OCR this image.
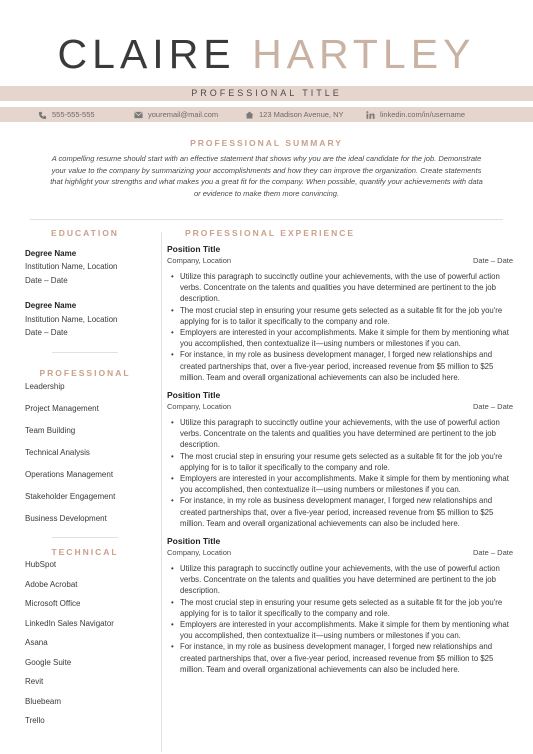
CLAIRE HARTLEY
PROFESSIONAL TITLE
555-555-555	youremail@mail.com	123 Madison Avenue, NY	linkedin.com/in/username
PROFESSIONAL SUMMARY
A compelling resume should start with an effective statement that shows why you are the ideal candidate for the job. Demonstrate your value to the company by summarizing your accomplishments and how they can improve the organization. Create statements that highlight your strengths and what makes you a great fit for the company. When possible, quantify your achievements with data or evidence to make them more convincing.
EDUCATION
Degree Name
Institution Name, Location
Date – Date
Degree Name
Institution Name, Location
Date – Date
PROFESSIONAL
Leadership
Project Management
Team Building
Technical Analysis
Operations Management
Stakeholder Engagement
Business Development
TECHNICAL
HubSpot
Adobe Acrobat
Microsoft Office
LinkedIn Sales Navigator
Asana
Google Suite
Revit
Bluebeam
Trello
PROFESSIONAL EXPERIENCE
Position Title
Company, Location	Date – Date
• Utilize this paragraph to succinctly outline your achievements, with the use of powerful action verbs. Concentrate on the talents and qualities you have determined are pertinent to the job description.
• The most crucial step in ensuring your resume gets selected as a suitable fit for the job you're applying for is to tailor it specifically to the company and role.
• Employers are interested in your accomplishments. Make it simple for them by mentioning what you accomplished, then contextualize it—using numbers or milestones if you can.
• For instance, in my role as business development manager, I forged new relationships and created partnerships that, over a five-year period, increased revenue from $5 million to $25 million. Team and overall organizational achievements can also be included here.
Position Title
Company, Location	Date – Date
• Utilize this paragraph to succinctly outline your achievements, with the use of powerful action verbs. Concentrate on the talents and qualities you have determined are pertinent to the job description.
• The most crucial step in ensuring your resume gets selected as a suitable fit for the job you're applying for is to tailor it specifically to the company and role.
• Employers are interested in your accomplishments. Make it simple for them by mentioning what you accomplished, then contextualize it—using numbers or milestones if you can.
• For instance, in my role as business development manager, I forged new relationships and created partnerships that, over a five-year period, increased revenue from $5 million to $25 million. Team and overall organizational achievements can also be included here.
Position Title
Company, Location	Date – Date
• Utilize this paragraph to succinctly outline your achievements, with the use of powerful action verbs. Concentrate on the talents and qualities you have determined are pertinent to the job description.
• The most crucial step in ensuring your resume gets selected as a suitable fit for the job you're applying for is to tailor it specifically to the company and role.
• Employers are interested in your accomplishments. Make it simple for them by mentioning what you accomplished, then contextualize it—using numbers or milestones if you can.
• For instance, in my role as business development manager, I forged new relationships and created partnerships that, over a five-year period, increased revenue from $5 million to $25 million. Team and overall organizational achievements can also be included here.
